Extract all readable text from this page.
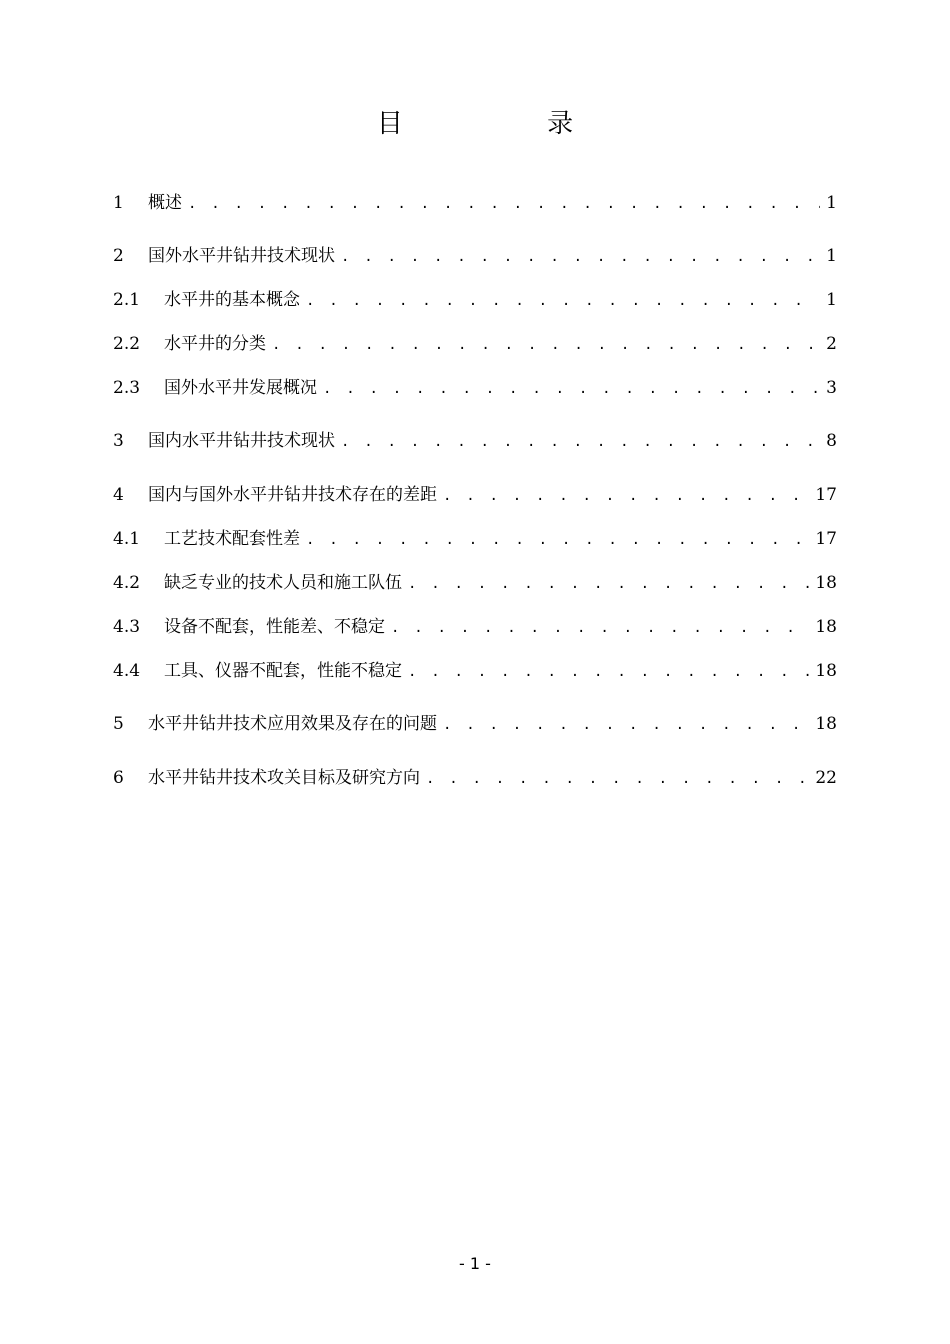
目 录
1	概述 . . .	1
2	国外水平井钻井技术现状 . . .	1
2.1	水平井的基本概念 . . .	1
2.2	水平井的分类 . . .	2
2.3	国外水平井发展概况 . . .	3
3	国内水平井钻井技术现状 . . .	8
4	国内与国外水平井钻井技术存在的差距 . . .	17
4.1	工艺技术配套性差 . . .	17
4.2	缺乏专业的技术人员和施工队伍 . . .	18
4.3	设备不配套，性能差、不稳定 . . .	18
4.4	工具、仪器不配套，性能不稳定 . . .	18
5	水平井钻井技术应用效果及存在的问题 . . .	18
6	水平井钻井技术攻关目标及研究方向 . . .	22
- 1 -
